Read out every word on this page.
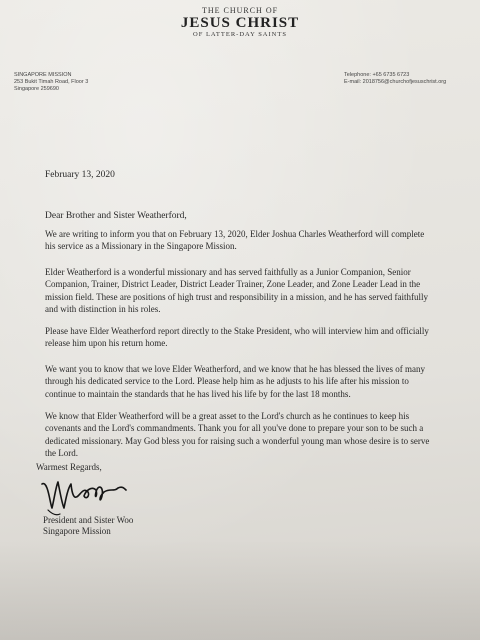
THE CHURCH OF
JESUS CHRIST
OF LATTER-DAY SAINTS
SINGAPORE MISSION
253 Bukit Timah Road, Floor 3
Singapore 259690
Telephone: +65 6735 6723
E-mail: 2018756@churchofjesuschrist.org
February 13, 2020
Dear Brother and Sister Weatherford,
We are writing to inform you that on February 13, 2020, Elder Joshua Charles Weatherford will complete his service as a Missionary in the Singapore Mission.
Elder Weatherford is a wonderful missionary and has served faithfully as a Junior Companion, Senior Companion, Trainer, District Leader, District Leader Trainer, Zone Leader, and Zone Leader Lead in the mission field. These are positions of high trust and responsibility in a mission, and he has served faithfully and with distinction in his roles.
Please have Elder Weatherford report directly to the Stake President, who will interview him and officially release him upon his return home.
We want you to know that we love Elder Weatherford, and we know that he has blessed the lives of many through his dedicated service to the Lord. Please help him as he adjusts to his life after his mission to continue to maintain the standards that he has lived his life by for the last 18 months.
We know that Elder Weatherford will be a great asset to the Lord's church as he continues to keep his covenants and the Lord's commandments. Thank you for all you've done to prepare your son to be such a dedicated missionary. May God bless you for raising such a wonderful young man whose desire is to serve the Lord.
Warmest Regards,
President and Sister Woo
Singapore Mission
